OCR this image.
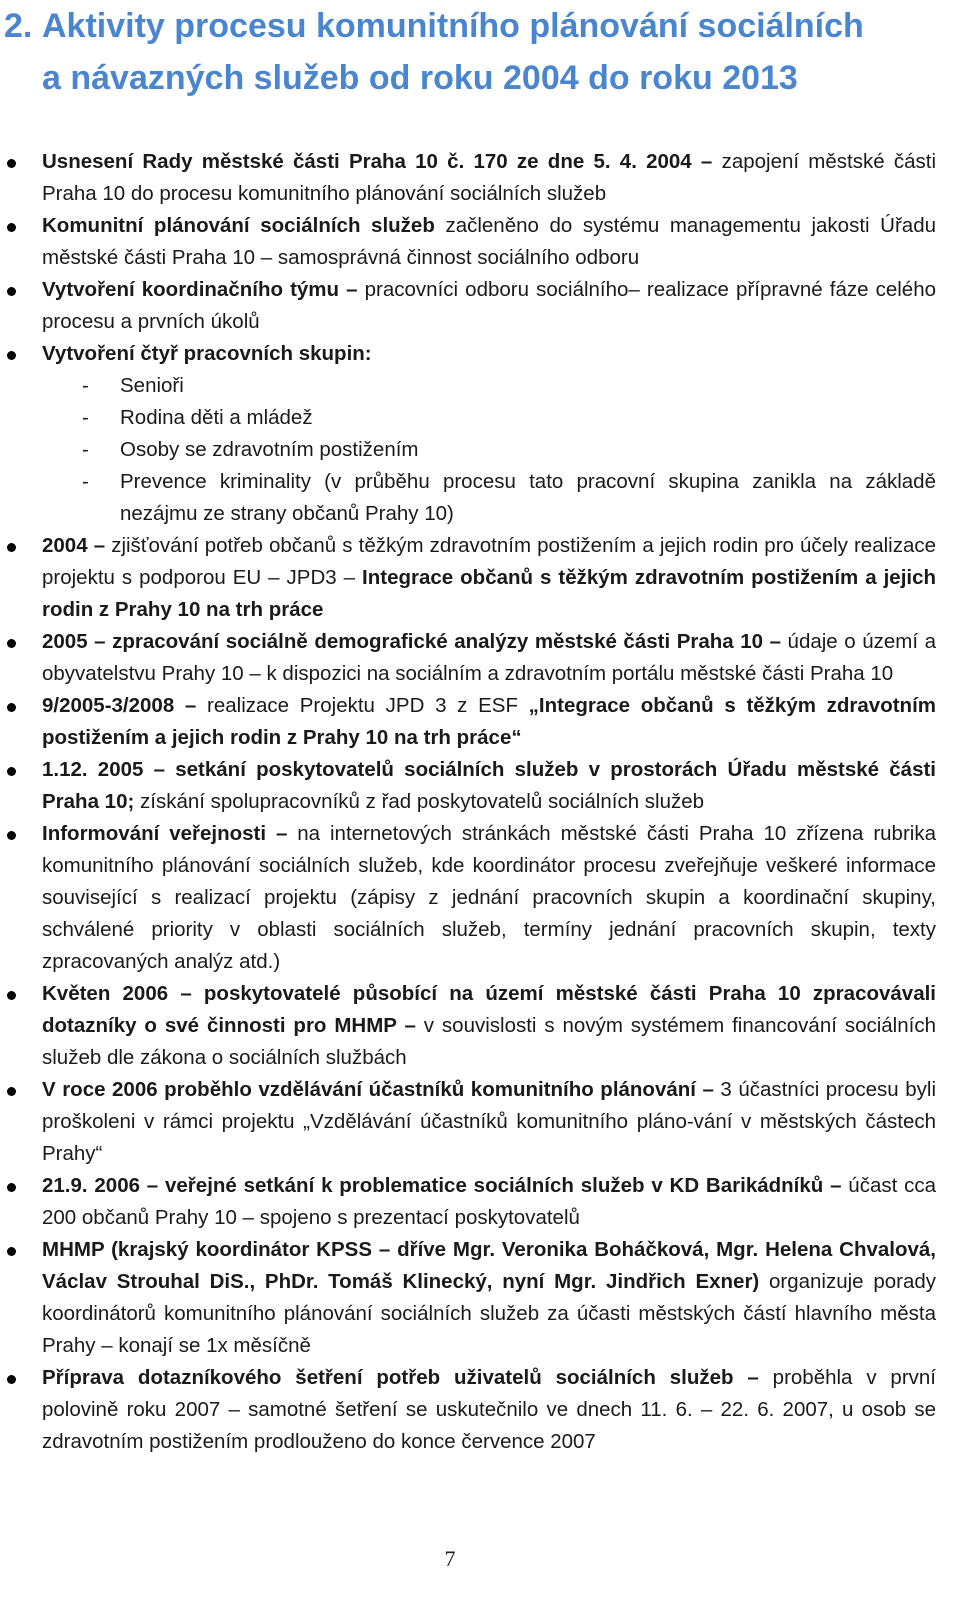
2. Aktivity procesu komunitního plánování sociálních
a návazných služeb od roku 2004 do roku 2013
Usnesení Rady městské části Praha 10 č. 170 ze dne 5. 4. 2004 – zapojení městské části Praha 10 do procesu komunitního plánování sociálních služeb
Komunitní plánování sociálních služeb začleněno do systému managementu jakosti Úřadu městské části Praha 10 – samosprávná činnost sociálního odboru
Vytvoření koordinačního týmu – pracovníci odboru sociálního– realizace přípravné fáze celého procesu a prvních úkolů
Vytvoření čtyř pracovních skupin:
- Senioři
- Rodina děti a mládež
- Osoby se zdravotním postižením
- Prevence kriminality (v průběhu procesu tato pracovní skupina zanikla na základě nezájmu ze strany občanů Prahy 10)
2004 – zjišťování potřeb občanů s těžkým zdravotním postižením a jejich rodin pro účely realizace projektu s podporou EU – JPD3 – Integrace občanů s těžkým zdravotním postižením a jejich rodin z Prahy 10 na trh práce
2005 – zpracování sociálně demografické analýzy městské části Praha 10 – údaje o území a obyvatelstvu Prahy 10 – k dispozici na sociálním a zdravotním portálu městské části Praha 10
9/2005-3/2008 – realizace Projektu JPD 3 z ESF „Integrace občanů s těžkým zdravotním postižením a jejich rodin z Prahy 10 na trh práce“
1.12. 2005 – setkání poskytovatelů sociálních služeb v prostorách Úřadu městské části Praha 10; získání spolupracovníků z řad poskytovatelů sociálních služeb
Informování veřejnosti – na internetových stránkách městské části Praha 10 zřízena rubrika komunitního plánování sociálních služeb, kde koordinátor procesu zveřejňuje veškeré informace související s realizací projektu (zápisy z jednání pracovních skupin a koordinační skupiny, schválené priority v oblasti sociálních služeb, termíny jednání pracovních skupin, texty zpracovaných analýz atd.)
Květen 2006 – poskytovatelé působící na území městské části Praha 10 zpracovávali dotazníky o své činnosti pro MHMP – v souvislosti s novým systémem financování sociálních služeb dle zákona o sociálních službách
V roce 2006 proběhlo vzdělávání účastníků komunitního plánování – 3 účastníci procesu byli proškoleni v rámci projektu „Vzdělávání účastníků komunitního pláno-vání v městských částech Prahy“
21.9. 2006 – veřejné setkání k problematice sociálních služeb v KD Barikádníků – účast cca 200 občanů Prahy 10 – spojeno s prezentací poskytovatelů
MHMP (krajský koordinátor KPSS – dříve Mgr. Veronika Boháčková, Mgr. Helena Chvalová, Václav Strouhal DiS., PhDr. Tomáš Klinecký, nyní Mgr. Jindřich Exner) organizuje porady koordinátorů komunitního plánování sociálních služeb za účasti městských částí hlavního města Prahy – konají se 1x měsíčně
Příprava dotazníkového šetření potřeb uživatelů sociálních služeb – proběhla v první polovině roku 2007 – samotné šetření se uskutečnilo ve dnech 11. 6. – 22. 6. 2007, u osob se zdravotním postižením prodlouženo do konce července 2007
7
